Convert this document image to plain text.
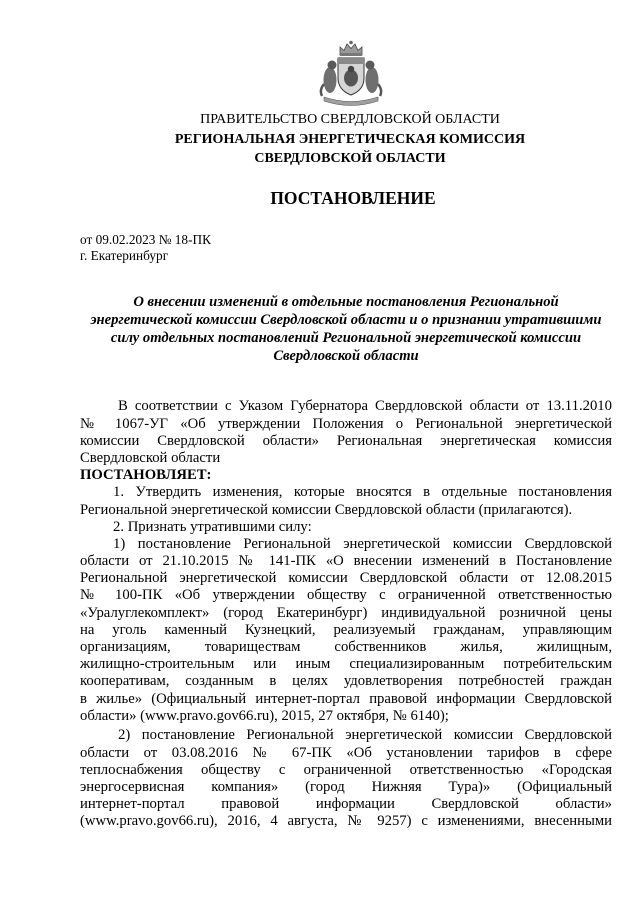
ПРАВИТЕЛЬСТВО СВЕРДЛОВСКОЙ ОБЛАСТИ
РЕГИОНАЛЬНАЯ ЭНЕРГЕТИЧЕСКАЯ КОМИССИЯ
СВЕРДЛОВСКОЙ ОБЛАСТИ
ПОСТАНОВЛЕНИЕ
от 09.02.2023 № 18-ПК
г. Екатеринбург
О внесении изменений в отдельные постановления Региональной
энергетической комиссии Свердловской области и о признании утратившими
силу отдельных постановлений Региональной энергетической комиссии
Свердловской области
В соответствии с Указом Губернатора Свердловской области от 13.11.2010
№ 1067-УГ «Об утверждении Положения о Региональной энергетической
комиссии Свердловской области» Региональная энергетическая комиссия
Свердловской области
ПОСТАНОВЛЯЕТ:
1. Утвердить изменения, которые вносятся в отдельные постановления
Региональной энергетической комиссии Свердловской области (прилагаются).
2. Признать утратившими силу:
1) постановление Региональной энергетической комиссии Свердловской
области от 21.10.2015 № 141-ПК «О внесении изменений в Постановление
Региональной энергетической комиссии Свердловской области от 12.08.2015
№ 100-ПК «Об утверждении обществу с ограниченной ответственностью
«Уралуглекомплект» (город Екатеринбург) индивидуальной розничной цены
на уголь каменный Кузнецкий, реализуемый гражданам, управляющим
организациям, товариществам собственников жилья, жилищным,
жилищно-строительным или иным специализированным потребительским
кооперативам, созданным в целях удовлетворения потребностей граждан
в жилье» (Официальный интернет-портал правовой информации Свердловской
области» (www.pravo.gov66.ru), 2015, 27 октября, № 6140);
2) постановление Региональной энергетической комиссии Свердловской
области от 03.08.2016 № 67-ПК «Об установлении тарифов в сфере
теплоснабжения обществу с ограниченной ответственностью «Городская
энергосервисная компания» (город Нижняя Тура)» (Официальный
интернет-портал правовой информации Свердловской области»
(www.pravo.gov66.ru), 2016, 4 августа, № 9257) с изменениями, внесенными
